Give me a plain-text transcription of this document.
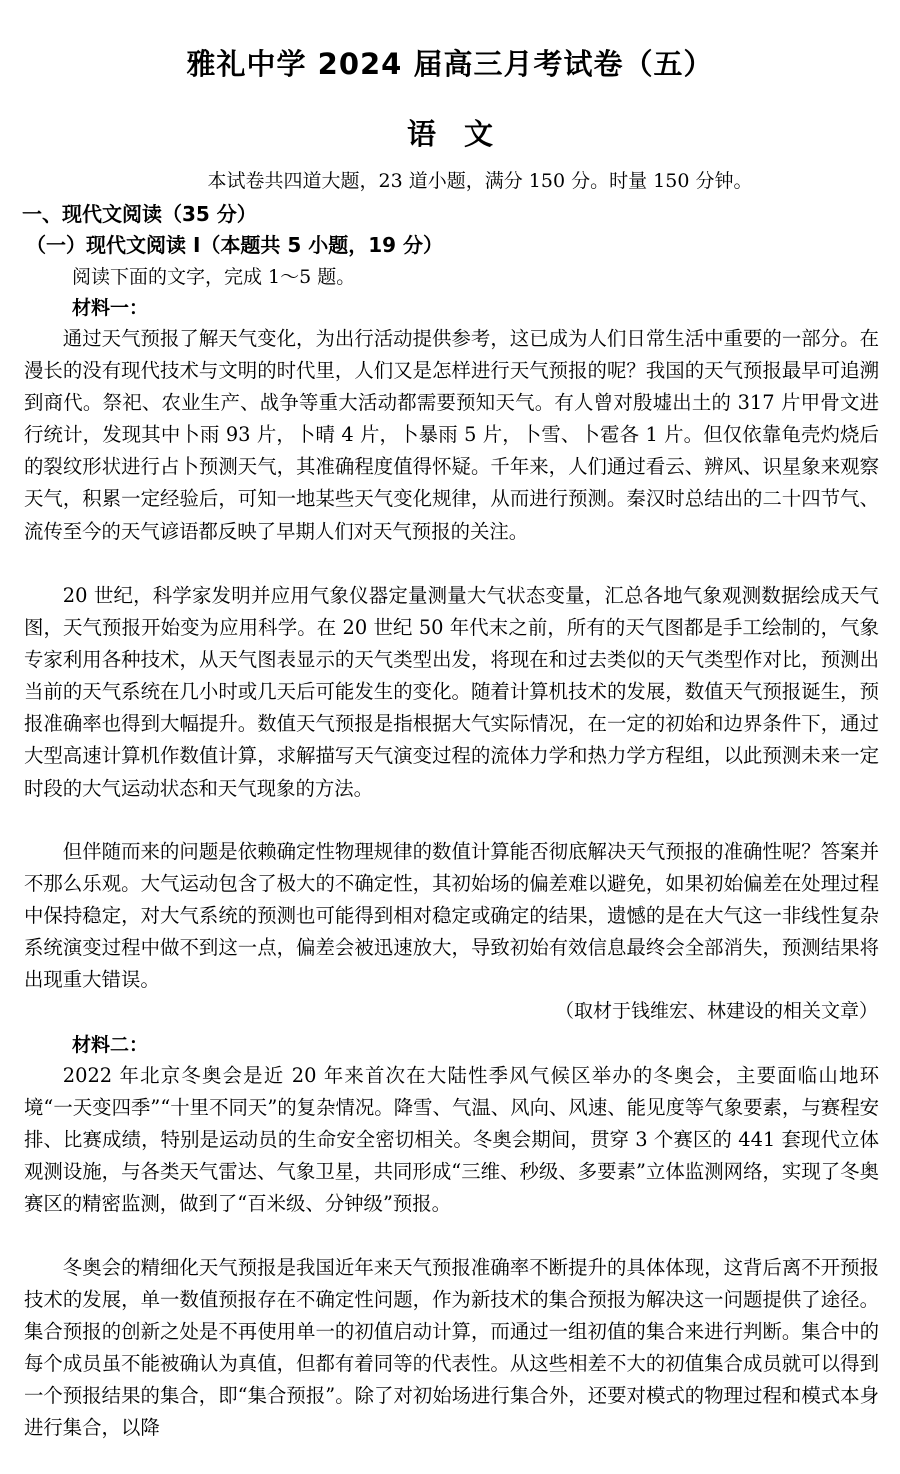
雅礼中学 2024 届高三月考试卷（五）
语文
本试卷共四道大题，23 道小题，满分 150 分。时量 150 分钟。
一、现代文阅读（35 分）
（一）现代文阅读 I（本题共 5 小题，19 分）
阅读下面的文字，完成 1～5 题。
材料一：

通过天气预报了解天气变化，为出行活动提供参考，这已成为人们日常生活中重要的一部分。在漫长的没有现代技术与文明的时代里，人们又是怎样进行天气预报的呢？我国的天气预报最早可追溯到商代。祭祀、农业生产、战争等重大活动都需要预知天气。有人曾对殷墟出土的 317 片甲骨文进行统计，发现其中卜雨 93 片，卜晴 4 片，卜暴雨 5 片，卜雪、卜雹各 1 片。但仅依靠龟壳灼烧后的裂纹形状进行占卜预测天气，其准确程度值得怀疑。千年来，人们通过看云、辨风、识星象来观察天气，积累一定经验后，可知一地某些天气变化规律，从而进行预测。秦汉时总结出的二十四节气、流传至今的天气谚语都反映了早期人们对天气预报的关注。

20 世纪，科学家发明并应用气象仪器定量测量大气状态变量，汇总各地气象观测数据绘成天气图，天气预报开始变为应用科学。在 20 世纪 50 年代末之前，所有的天气图都是手工绘制的，气象专家利用各种技术，从天气图表显示的天气类型出发，将现在和过去类似的天气类型作对比，预测出当前的天气系统在几小时或几天后可能发生的变化。随着计算机技术的发展，数值天气预报诞生，预报准确率也得到大幅提升。数值天气预报是指根据大气实际情况，在一定的初始和边界条件下，通过大型高速计算机作数值计算，求解描写天气演变过程的流体力学和热力学方程组，以此预测未来一定时段的大气运动状态和天气现象的方法。

但伴随而来的问题是依赖确定性物理规律的数值计算能否彻底解决天气预报的准确性呢？答案并不那么乐观。大气运动包含了极大的不确定性，其初始场的偏差难以避免，如果初始偏差在处理过程中保持稳定，对大气系统的预测也可能得到相对稳定或确定的结果，遗憾的是在大气这一非线性复杂系统演变过程中做不到这一点，偏差会被迅速放大，导致初始有效信息最终会全部消失，预测结果将出现重大错误。

（取材于钱维宏、林建设的相关文章）
材料二：

2022 年北京冬奥会是近 20 年来首次在大陆性季风气候区举办的冬奥会，主要面临山地环境“一天变四季”“十里不同天”的复杂情况。降雪、气温、风向、风速、能见度等气象要素，与赛程安排、比赛成绩，特别是运动员的生命安全密切相关。冬奥会期间，贯穿 3 个赛区的 441 套现代立体观测设施，与各类天气雷达、气象卫星，共同形成“三维、秒级、多要素”立体监测网络，实现了冬奥赛区的精密监测，做到了“百米级、分钟级”预报。

冬奥会的精细化天气预报是我国近年来天气预报准确率不断提升的具体体现，这背后离不开预报技术的发展，单一数值预报存在不确定性问题，作为新技术的集合预报为解决这一问题提供了途径。集合预报的创新之处是不再使用单一的初值启动计算，而通过一组初值的集合来进行判断。集合中的每个成员虽不能被确认为真值，但都有着同等的代表性。从这些相差不大的初值集合成员就可以得到一个预报结果的集合，即“集合预报”。除了对初始场进行集合外，还要对模式的物理过程和模式本身进行集合，以降
